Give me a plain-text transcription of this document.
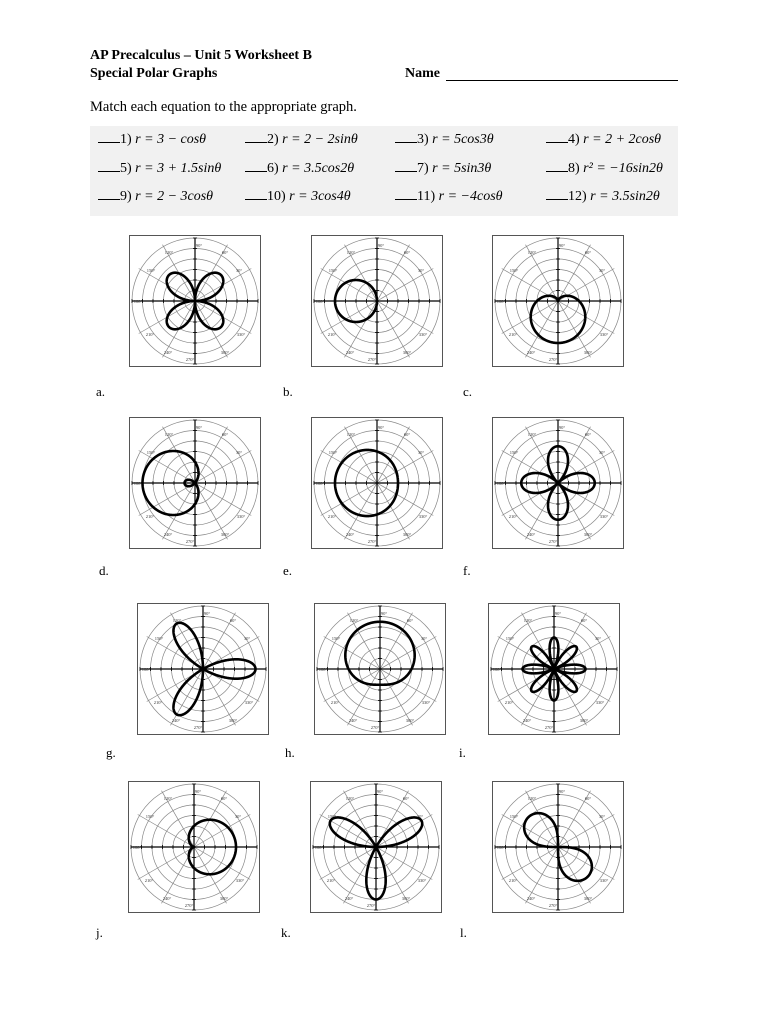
AP Precalculus – Unit 5 Worksheet B
Special Polar Graphs	Name
Match each equation to the appropriate graph.
1) r = 3 − cosθ	2) r = 2 − 2sinθ	3) r = 5cos3θ	4) r = 2 + 2cosθ
5) r = 3 + 1.5sinθ	6) r = 3.5cos2θ	7) r = 5sin3θ	8) r² = −16sin2θ
9) r = 2 − 3cosθ	10) r = 3cos4θ	11) r = −4cosθ	12) r = 3.5sin2θ
30°
60°
90°
120°
150°
180°
210°
240°
270°
300°
330°
30°
60°
90°
120°
150°
180°
210°
240°
270°
300°
330°
30°
60°
90°
120°
150°
180°
210°
240°
270°
300°
330°
30°
60°
90°
120°
150°
180°
210°
240°
270°
300°
330°
30°
60°
90°
120°
150°
180°
210°
240°
270°
300°
330°
30°
60°
90°
120°
150°
180°
210°
240°
270°
300°
330°
30°
60°
90°
120°
150°
180°
210°
240°
270°
300°
330°
30°
60°
90°
120°
150°
180°
210°
240°
270°
300°
330°
30°
60°
90°
120°
150°
180°
210°
240°
270°
300°
330°
30°
60°
90°
120°
150°
180°
210°
240°
270°
300°
330°
30°
60°
90°
120°
150°
180°
210°
240°
270°
300°
330°
30°
60°
90°
120°
150°
180°
210°
240°
270°
300°
330°
a.	b.	c.
d.	e.	f.
g.	h.	i.
j.	k.	l.
